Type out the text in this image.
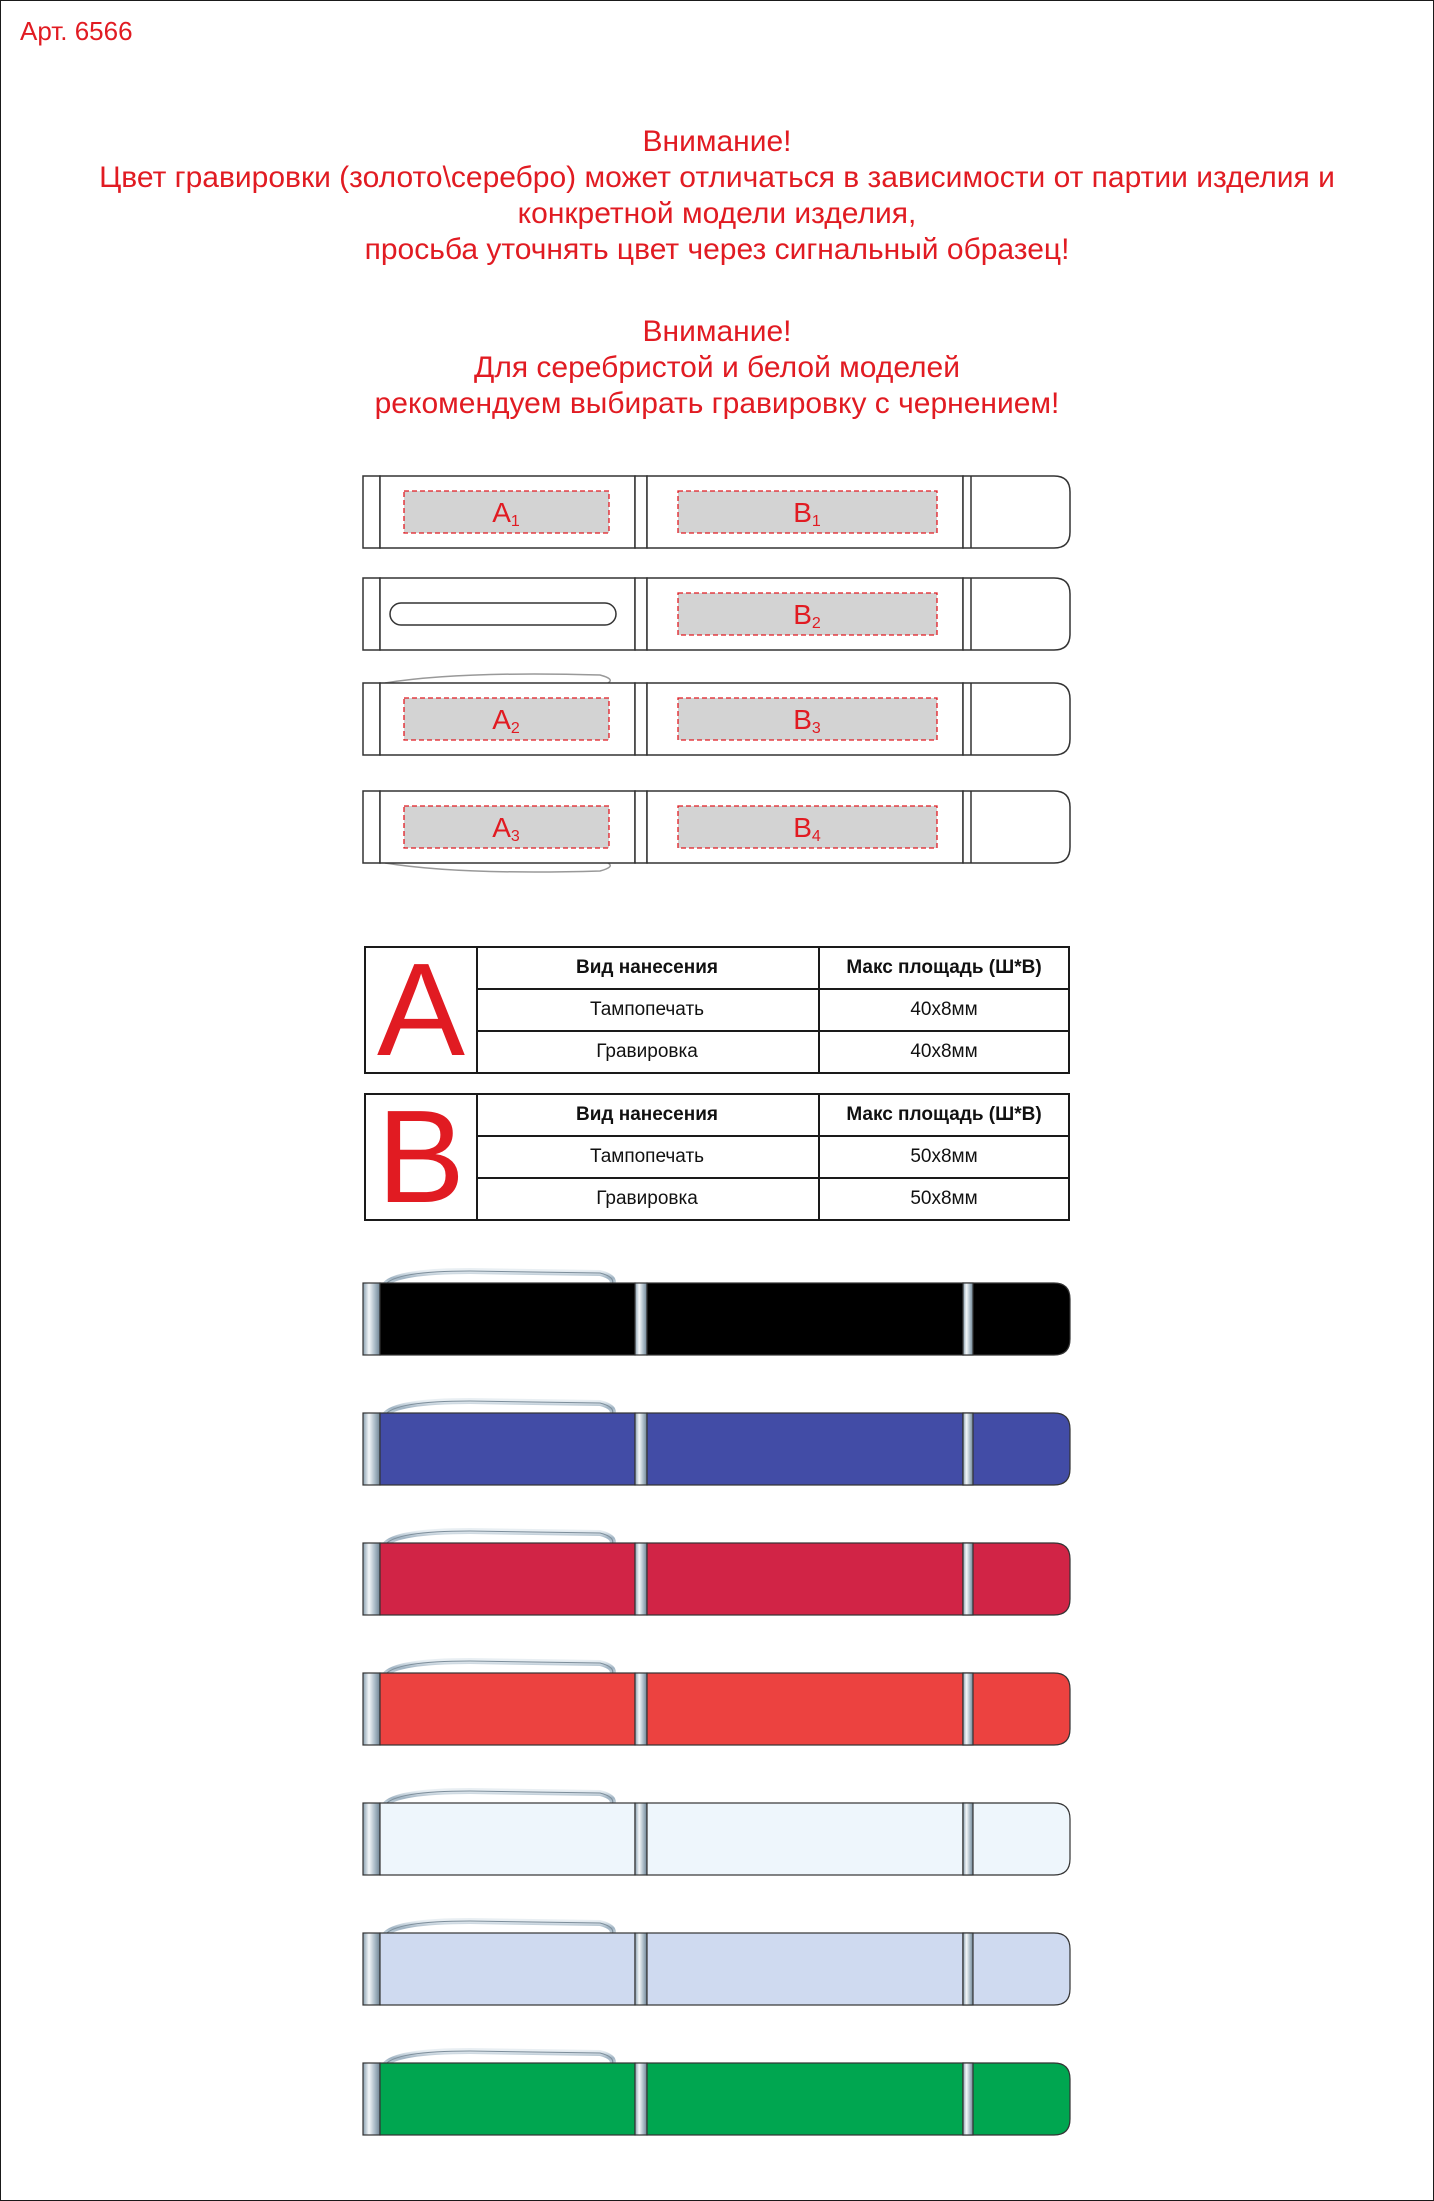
Арт. 6566
Внимание!
Цвет гравировки (золото\серебро) может отличаться в зависимости от партии изделия и
конкретной модели изделия,
просьба уточнять цвет через сигнальный образец!
Внимание!
Для серебристой и белой моделей
рекомендуем выбирать гравировку с чернением!
A1	B1
B2
A2	B3
A3	B4
A	Вид нанесения	Макс площадь (Ш*В)
Тампопечать	40x8мм
Гравировка	40x8мм
B	Вид нанесения	Макс площадь (Ш*В)
Тампопечать	50x8мм
Гравировка	50x8мм
